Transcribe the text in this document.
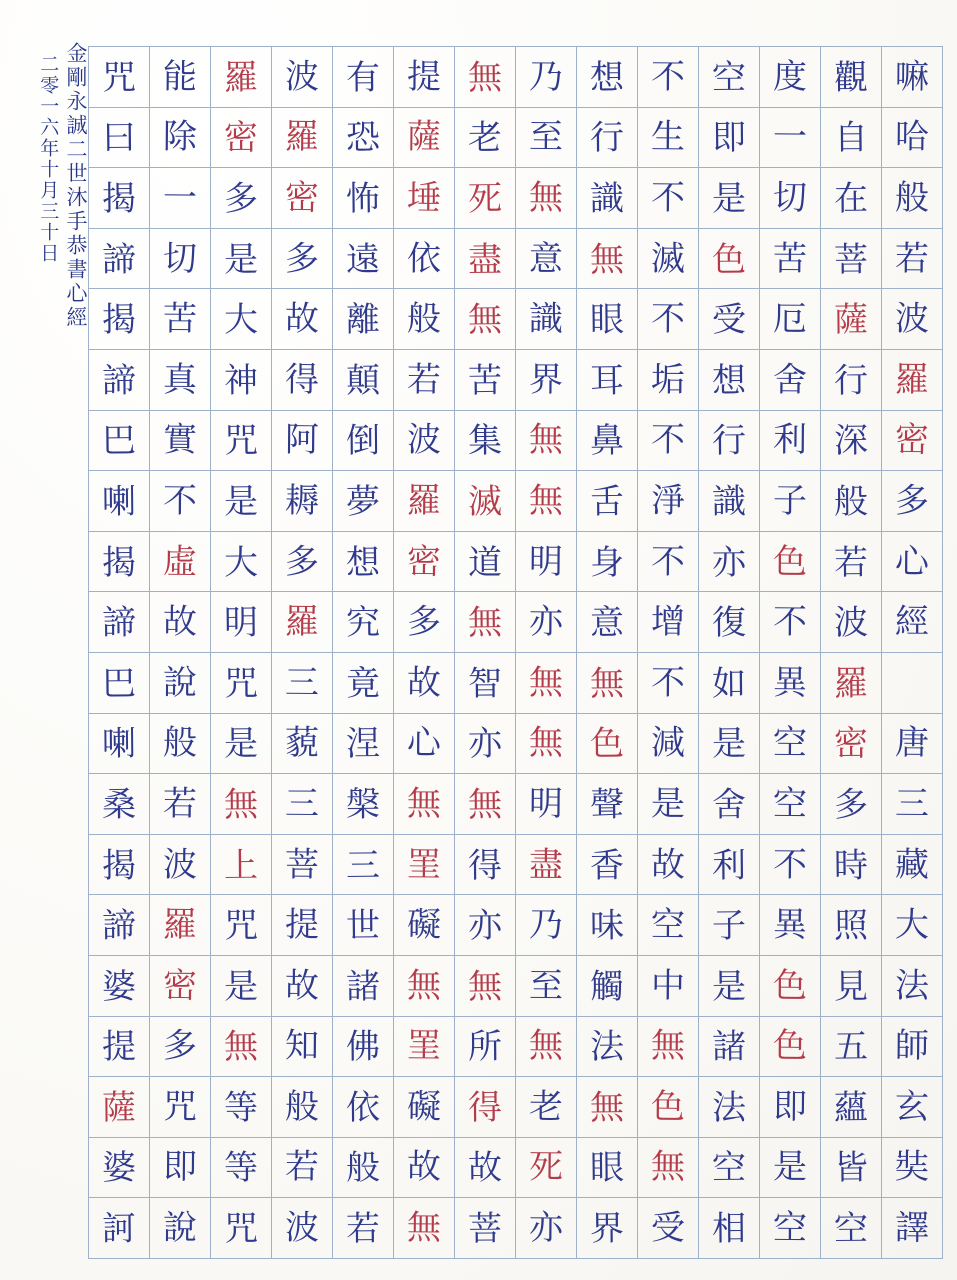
金剛永誠二世沐手恭書心經
二零一六年十月三十日 咒	能	羅	波	有	提	無	乃	想	不	空	度	觀	嘛
曰	除	密	羅	恐	薩	老	至	行	生	即	一	自	哈
揭	一	多	密	怖	埵	死	無	識	不	是	切	在	般
諦	切	是	多	遠	依	盡	意	無	滅	色	苦	菩	若
揭	苦	大	故	離	般	無	識	眼	不	受	厄	薩	波
諦	真	神	得	顛	若	苦	界	耳	垢	想	舍	行	羅
巴	實	咒	阿	倒	波	集	無	鼻	不	行	利	深	密
喇	不	是	耨	夢	羅	滅	無	舌	淨	識	子	般	多
揭	虛	大	多	想	密	道	明	身	不	亦	色	若	心
諦	故	明	羅	究	多	無	亦	意	增	復	不	波	經
巴	說	咒	三	竟	故	智	無	無	不	如	異	羅	
喇	般	是	藐	涅	心	亦	無	色	減	是	空	密	唐
桑	若	無	三	槃	無	無	明	聲	是	舍	空	多	三
揭	波	上	菩	三	罣	得	盡	香	故	利	不	時	藏
諦	羅	咒	提	世	礙	亦	乃	味	空	子	異	照	大
婆	密	是	故	諸	無	無	至	觸	中	是	色	見	法
提	多	無	知	佛	罣	所	無	法	無	諸	色	五	師
薩	咒	等	般	依	礙	得	老	無	色	法	即	蘊	玄
婆	即	等	若	般	故	故	死	眼	無	空	是	皆	奘
訶	說	咒	波	若	無	菩	亦	界	受	相	空	空	譯
